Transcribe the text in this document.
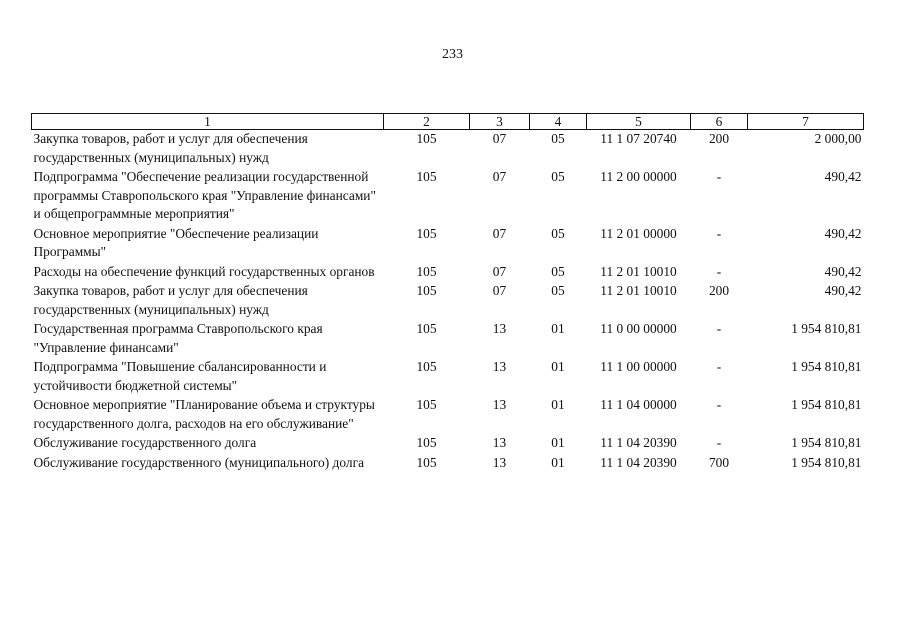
233
1	2	3	4	5	6	7
Закупка товаров, работ и услуг для обеспечения государственных (муниципальных) нужд	105	07	05	11 1 07 20740	200	2 000,00
Подпрограмма "Обеспечение реализации государственной программы Ставропольского края "Управление финансами" и общепрограммные мероприятия"	105	07	05	11 2 00 00000	-	490,42
Основное мероприятие "Обеспечение реализации Программы"	105	07	05	11 2 01 00000	-	490,42
Расходы на обеспечение функций государственных органов	105	07	05	11 2 01 10010	-	490,42
Закупка товаров, работ и услуг для обеспечения государственных (муниципальных) нужд	105	07	05	11 2 01 10010	200	490,42
Государственная программа Ставропольского края "Управление финансами"	105	13	01	11 0 00 00000	-	1 954 810,81
Подпрограмма "Повышение сбалансированности и устойчивости бюджетной системы"	105	13	01	11 1 00 00000	-	1 954 810,81
Основное мероприятие "Планирование объема и структуры государственного долга, расходов на его обслуживание"	105	13	01	11 1 04 00000	-	1 954 810,81
Обслуживание государственного долга	105	13	01	11 1 04 20390	-	1 954 810,81
Обслуживание государственного (муниципального) долга	105	13	01	11 1 04 20390	700	1 954 810,81
